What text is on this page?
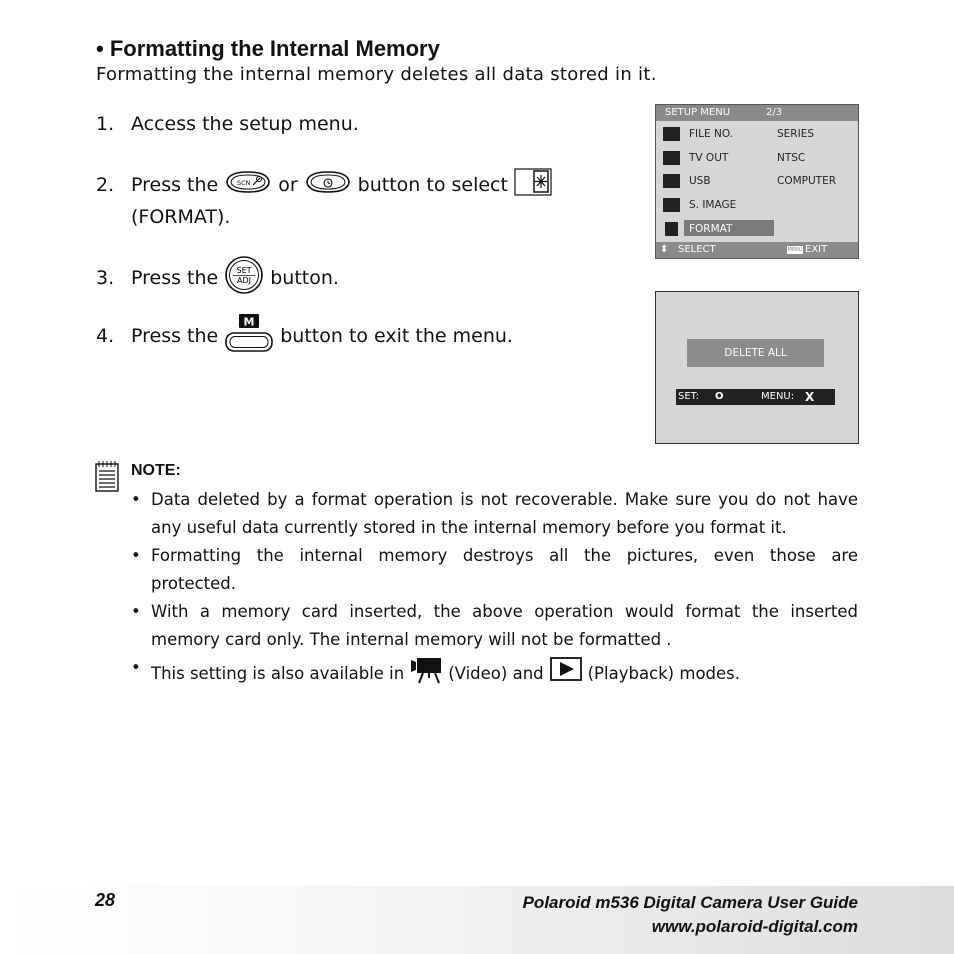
• Formatting the Internal Memory
Formatting the internal memory deletes all data stored in it.
1. Access the setup menu.
2. Press the	SCN or	button to select
(FORMAT).
3. Press the SET
ADJ button.
4. Press the
M
button to exit the menu.
SETUP MENU	2/3
FILE NO.	SERIES
TV OUT	NTSC
USB	COMPUTER
S. IMAGE
FORMAT
⬍ SELECT	MENU EXIT
DELETE ALL
SET: O	MENU: X
NOTE:
• Data deleted by a format operation is not recoverable. Make sure you do not have any useful data currently stored in the internal memory before you format it.
• Formatting the internal memory destroys all the pictures, even those are protected.
• With a memory card inserted, the above operation would format the inserted memory card only. The internal memory will not be formatted .
• This setting is also available in	(Video) and	(Playback) modes.
28	Polaroid m536 Digital Camera User Guide
www.polaroid-digital.com
